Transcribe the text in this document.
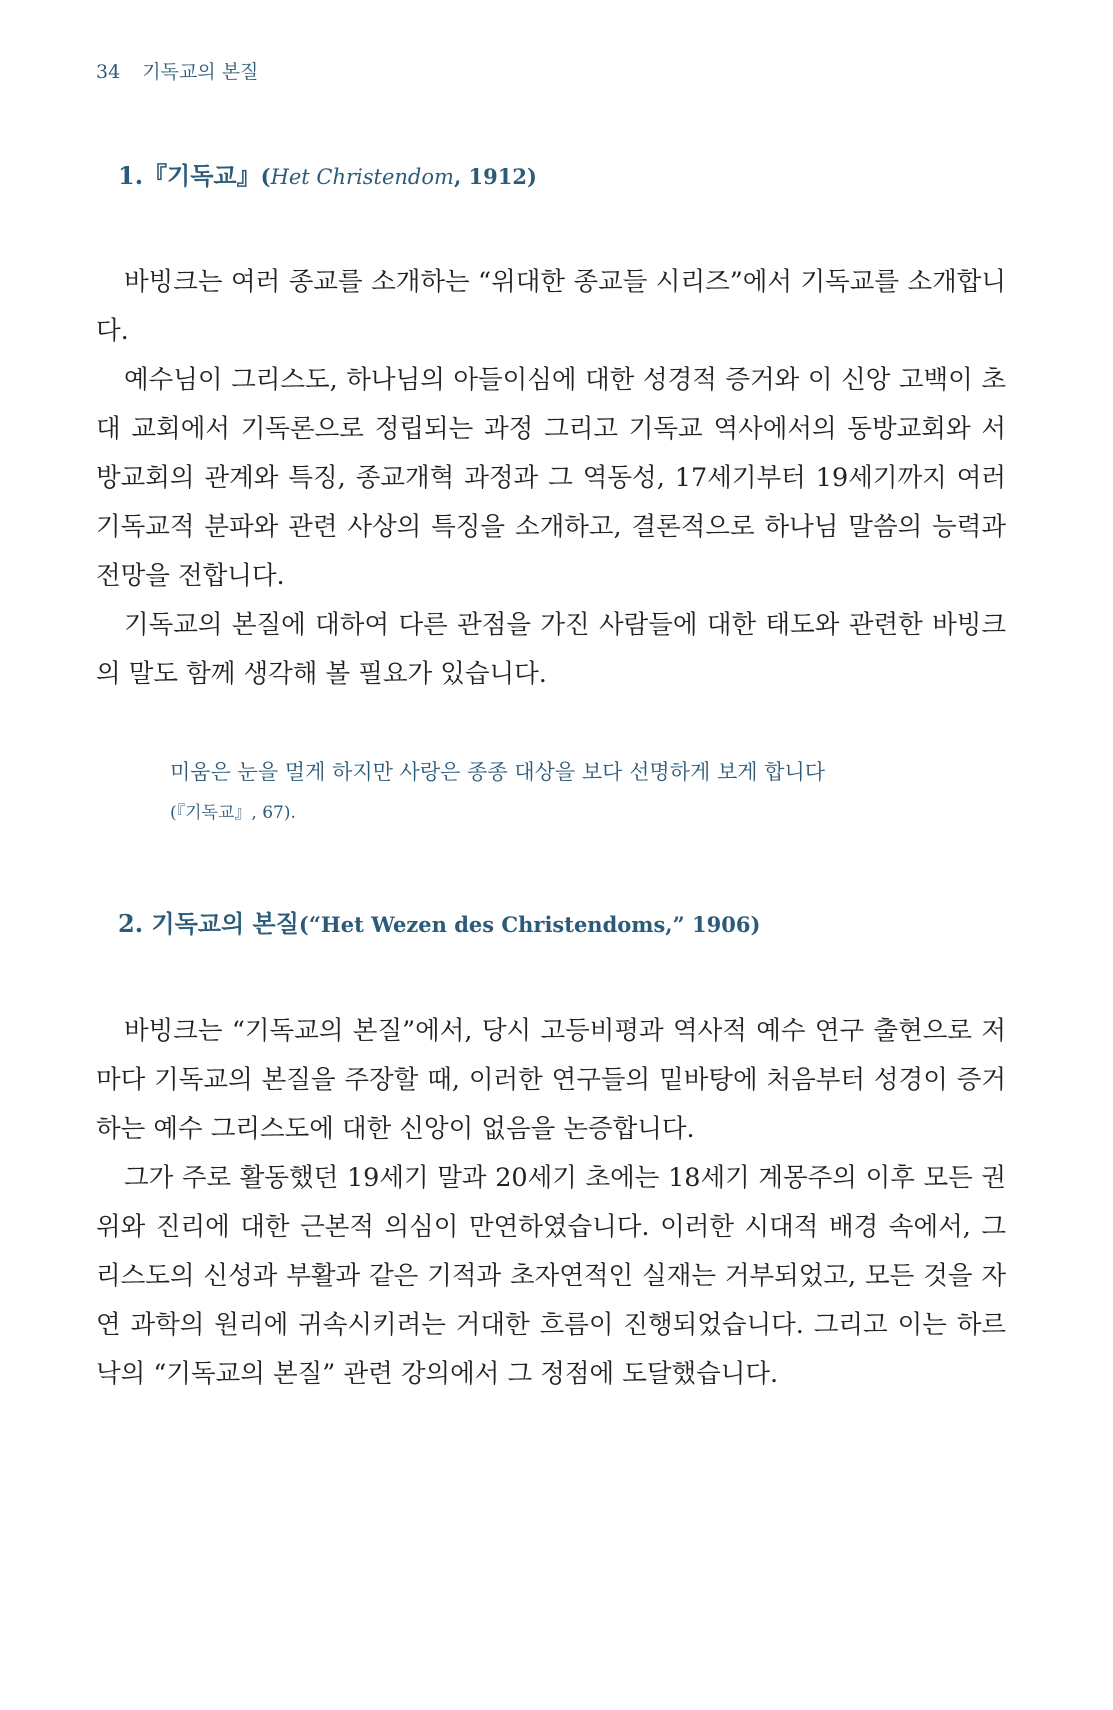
34 기독교의 본질
1.『기독교』(Het Christendom, 1912)

바빙크는 여러 종교를 소개하는 “위대한 종교들 시리즈”에서 기독교를 소개합니다.

예수님이 그리스도, 하나님의 아들이심에 대한 성경적 증거와 이 신앙 고백이 초대 교회에서 기독론으로 정립되는 과정 그리고 기독교 역사에서의 동방교회와 서방교회의 관계와 특징, 종교개혁 과정과 그 역동성, 17세기부터 19세기까지 여러 기독교적 분파와 관련 사상의 특징을 소개하고, 결론적으로 하나님 말씀의 능력과 전망을 전합니다.

기독교의 본질에 대하여 다른 관점을 가진 사람들에 대한 태도와 관련한 바빙크의 말도 함께 생각해 볼 필요가 있습니다.

미움은 눈을 멀게 하지만 사랑은 종종 대상을 보다 선명하게 보게 합니다
(『기독교』, 67).
2. 기독교의 본질(“Het Wezen des Christendoms,” 1906)

바빙크는 “기독교의 본질”에서, 당시 고등비평과 역사적 예수 연구 출현으로 저마다 기독교의 본질을 주장할 때, 이러한 연구들의 밑바탕에 처음부터 성경이 증거하는 예수 그리스도에 대한 신앙이 없음을 논증합니다.

그가 주로 활동했던 19세기 말과 20세기 초에는 18세기 계몽주의 이후 모든 권위와 진리에 대한 근본적 의심이 만연하였습니다. 이러한 시대적 배경 속에서, 그리스도의 신성과 부활과 같은 기적과 초자연적인 실재는 거부되었고, 모든 것을 자연 과학의 원리에 귀속시키려는 거대한 흐름이 진행되었습니다. 그리고 이는 하르낙의 “기독교의 본질” 관련 강의에서 그 정점에 도달했습니다.
